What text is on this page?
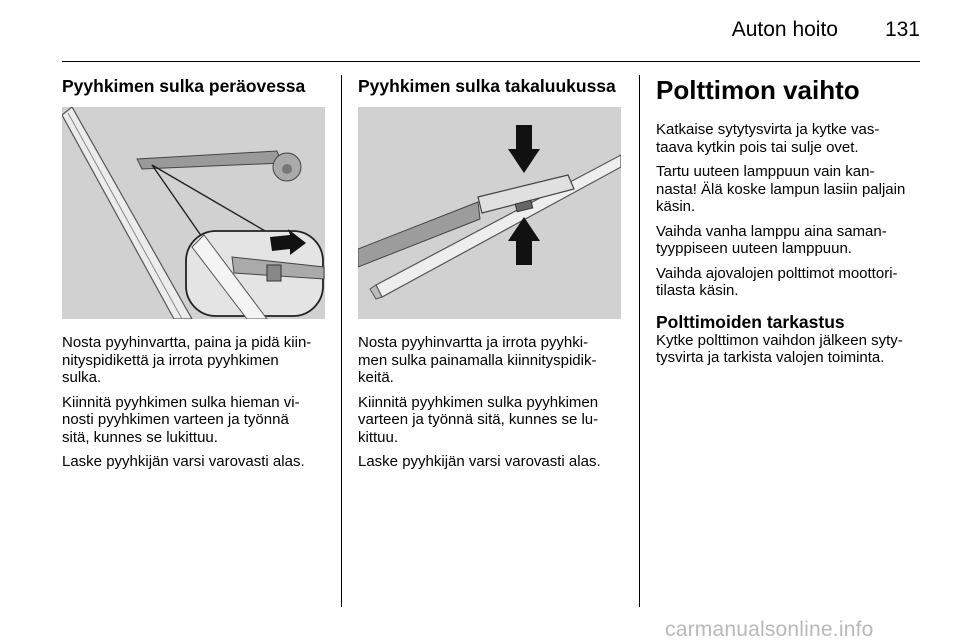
Auton hoito 131
Pyyhkimen sulka peräovessa

Nosta pyyhinvartta, paina ja pidä kiin-
nityspidikettä ja irrota pyyhkimen
sulka.

Kiinnitä pyyhkimen sulka hieman vi-
nosti pyyhkimen varteen ja työnnä
sitä, kunnes se lukittuu.

Laske pyyhkijän varsi varovasti alas.

Pyyhkimen sulka takaluukussa

Nosta pyyhinvartta ja irrota pyyhki-
men sulka painamalla kiinnityspidik-
keitä.

Kiinnitä pyyhkimen sulka pyyhkimen
varteen ja työnnä sitä, kunnes se lu-
kittuu.

Laske pyyhkijän varsi varovasti alas.

Polttimon vaihto

Katkaise sytytysvirta ja kytke vas-
taava kytkin pois tai sulje ovet.

Tartu uuteen lamppuun vain kan-
nasta! Älä koske lampun lasiin paljain
käsin.

Vaihda vanha lamppu aina saman-
tyyppiseen uuteen lamppuun.

Vaihda ajovalojen polttimot moottori-
tilasta käsin.

Polttimoiden tarkastus

Kytke polttimon vaihdon jälkeen syty-
tysvirta ja tarkista valojen toiminta.

carmanualsonline.info
